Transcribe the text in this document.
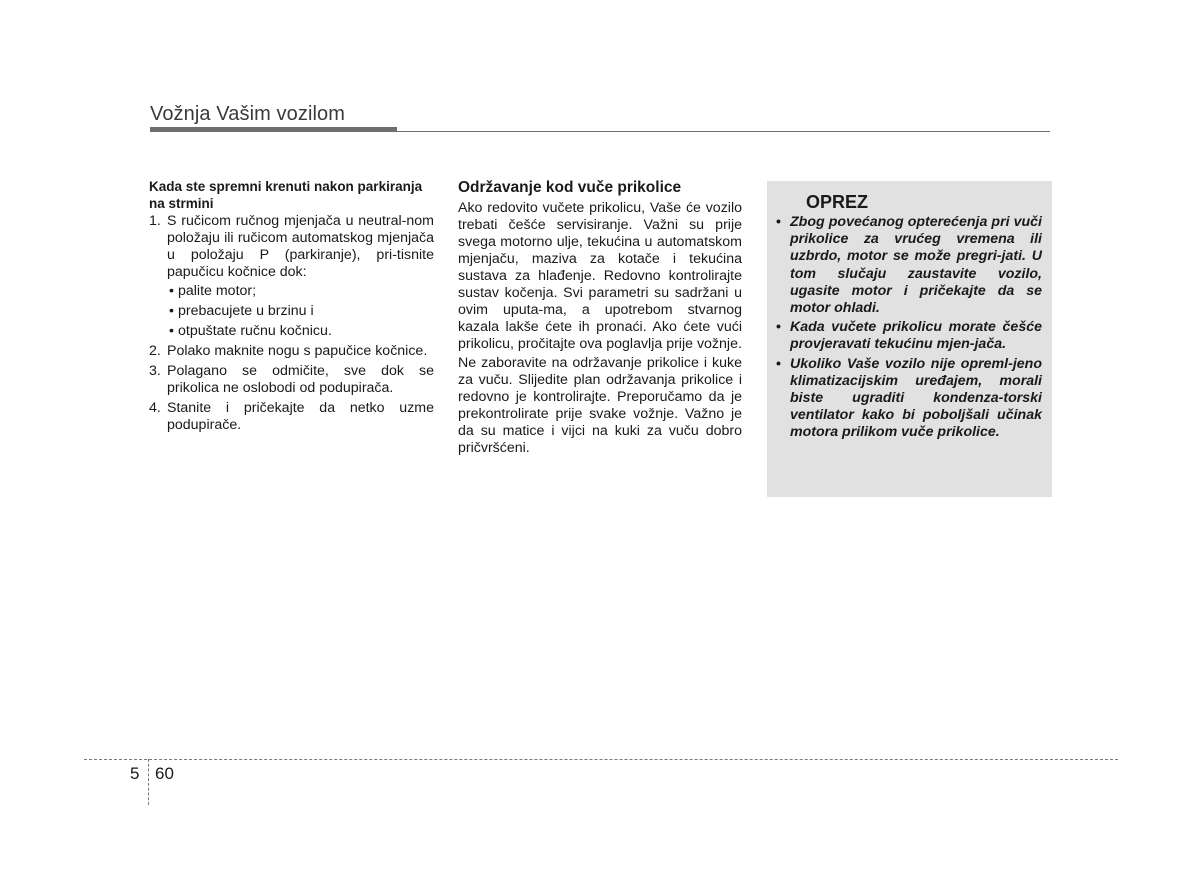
Vožnja Vašim vozilom
Kada ste spremni krenuti nakon parkiranja na strmini
1. S ručicom ručnog mjenjača u neutral-nom položaju ili ručicom automatskog mjenjača u položaju P (parkiranje), pri-tisnite papučicu kočnice dok:
• palite motor;
• prebacujete u brzinu i
• otpuštate ručnu kočnicu.
2. Polako maknite nogu s papučice kočnice.
3. Polagano se odmičite, sve dok se prikolica ne oslobodi od podupirača.
4. Stanite i pričekajte da netko uzme podupirače.
Održavanje kod vuče prikolice

Ako redovito vučete prikolicu, Vaše će vozilo trebati češće servisiranje. Važni su prije svega motorno ulje, tekućina u automatskom mjenjaču, maziva za kotače i tekućina sustava za hlađenje. Redovno kontrolirajte sustav kočenja. Svi parametri su sadržani u ovim uputa-ma, a upotrebom stvarnog kazala lakše ćete ih pronaći. Ako ćete vući prikolicu, pročitajte ova poglavlja prije vožnje.

Ne zaboravite na održavanje prikolice i kuke za vuču. Slijedite plan održavanja prikolice i redovno je kontrolirajte. Preporučamo da je prekontrolirate prije svake vožnje. Važno je da su matice i vijci na kuki za vuču dobro pričvršćeni.

OPREZ
• Zbog povećanog opterećenja pri vuči prikolice za vrućeg vremena ili uzbrdo, motor se može pregri-jati. U tom slučaju zaustavite vozilo, ugasite motor i pričekajte da se motor ohladi.
• Kada vučete prikolicu morate češće provjeravati tekućinu mjen-jača.
• Ukoliko Vaše vozilo nije opreml-jeno klimatizacijskim uređajem, morali biste ugraditi kondenza-torski ventilator kako bi poboljšali učinak motora prilikom vuče prikolice.
5 60
